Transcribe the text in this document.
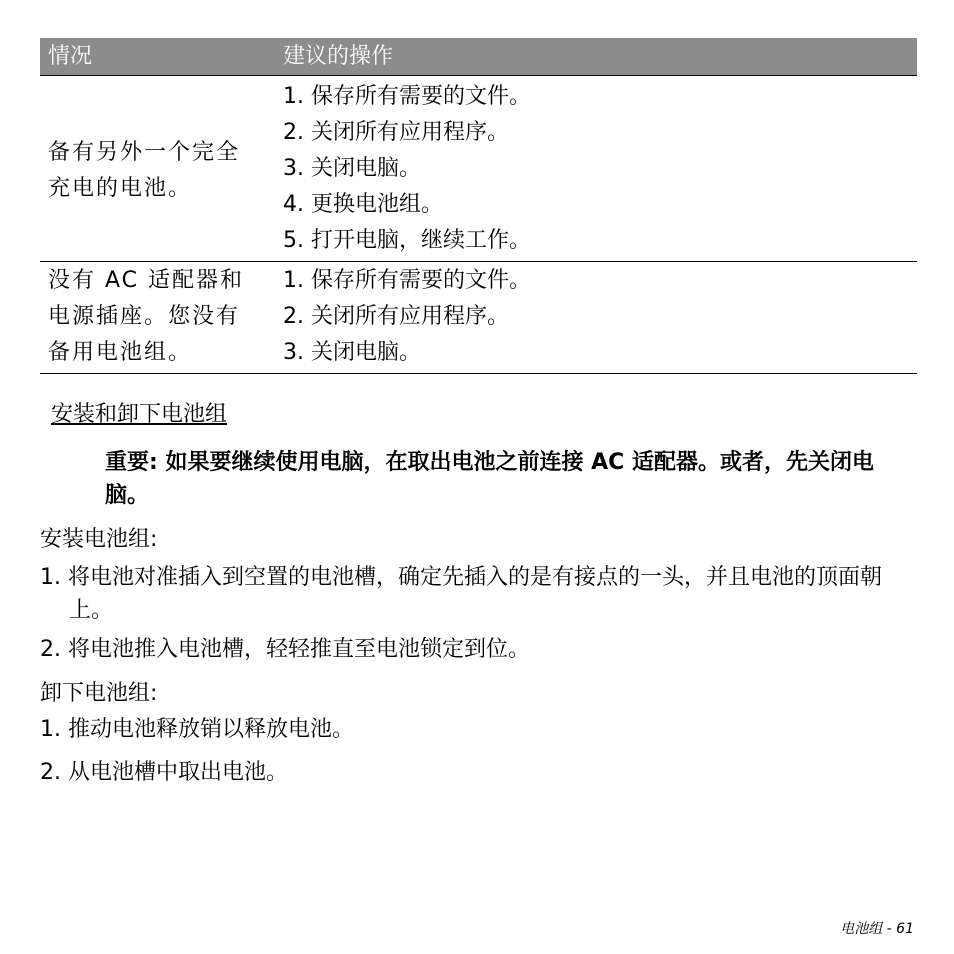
情况	建议的操作
备有另外一个完全
充电的电池。
1. 保存所有需要的文件。
2. 关闭所有应用程序。
3. 关闭电脑。
4. 更换电池组。
5. 打开电脑，继续工作。
没有 AC 适配器和
电源插座。您没有
备用电池组。
1. 保存所有需要的文件。
2. 关闭所有应用程序。
3. 关闭电脑。
安装和卸下电池组
重要: 如果要继续使用电脑，在取出电池之前连接 AC 适配器。或者，先关闭电脑。
安装电池组:
1. 将电池对准插入到空置的电池槽，确定先插入的是有接点的一头，并且电池的顶面朝上。
2. 将电池推入电池槽，轻轻推直至电池锁定到位。
卸下电池组:
1. 推动电池释放销以释放电池。
2. 从电池槽中取出电池。
电池组 - 61
